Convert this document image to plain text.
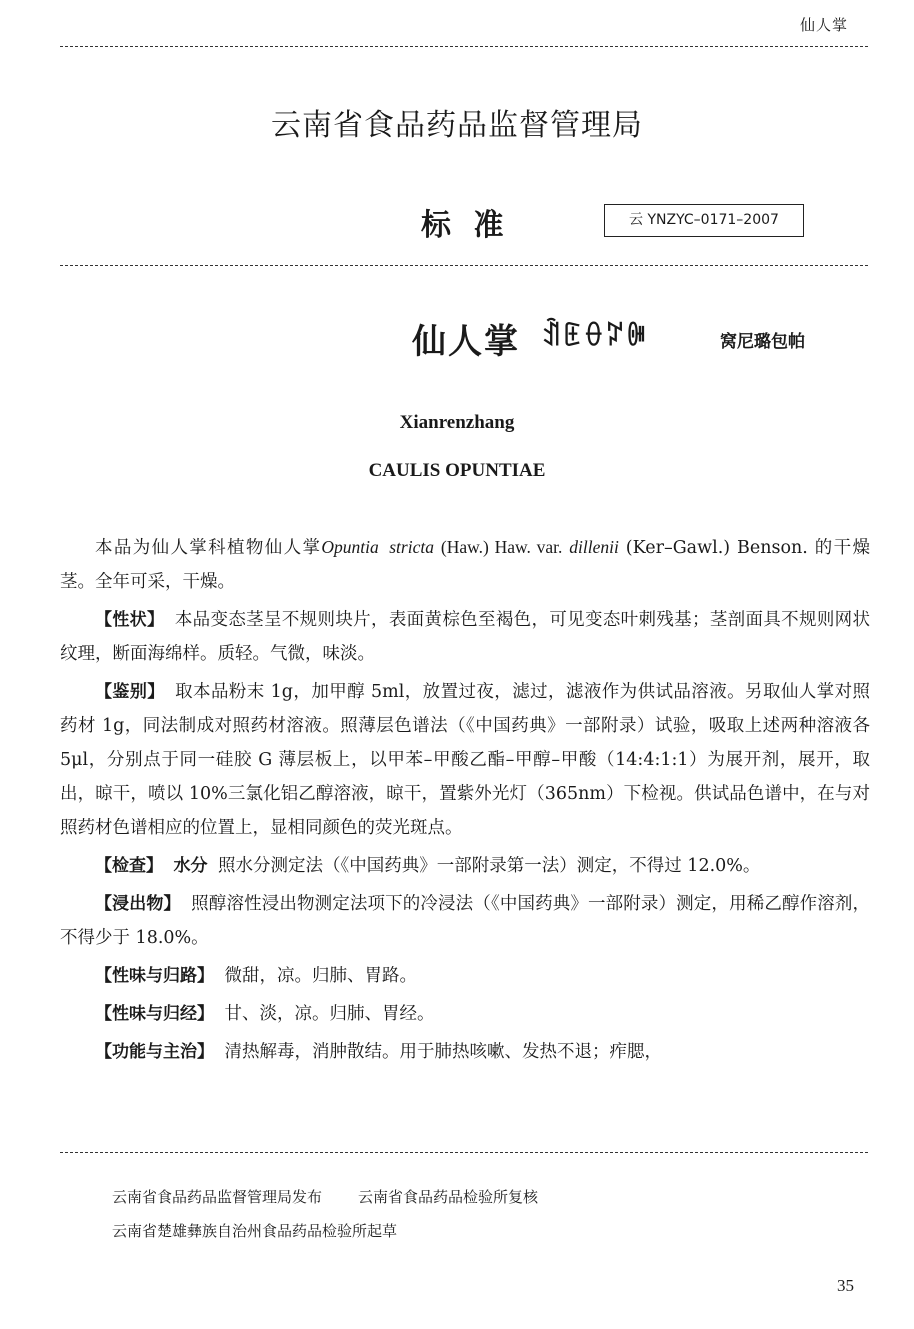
仙人掌
云南省食品药品监督管理局
标 准	云 YNZYC–0171–2007
仙人掌 ꀉꏹꂷꇗꁏ	窝尼璐包帕
Xianrenzhang
CAULIS OPUNTIAE

本品为仙人掌科植物仙人掌Opuntia stricta (Haw.) Haw. var. dillenii (Ker–Gawl.) Benson. 的干燥茎。全年可采，干燥。

【性状】 本品变态茎呈不规则块片，表面黄棕色至褐色，可见变态叶刺残基；茎剖面具不规则网状纹理，断面海绵样。质轻。气微，味淡。

【鉴别】 取本品粉末 1g，加甲醇 5ml，放置过夜，滤过，滤液作为供试品溶液。另取仙人掌对照药材 1g，同法制成对照药材溶液。照薄层色谱法（《中国药典》一部附录）试验，吸取上述两种溶液各 5μl，分别点于同一硅胶 G 薄层板上，以甲苯–甲酸乙酯–甲醇–甲酸（14:4:1:1）为展开剂，展开，取出，晾干，喷以 10%三氯化铝乙醇溶液，晾干，置紫外光灯（365nm）下检视。供试品色谱中，在与对照药材色谱相应的位置上，显相同颜色的荧光斑点。

【检查】 水分 照水分测定法（《中国药典》一部附录第一法）测定，不得过 12.0%。

【浸出物】 照醇溶性浸出物测定法项下的冷浸法（《中国药典》一部附录）测定，用稀乙醇作溶剂，不得少于 18.0%。

【性味与归路】 微甜，凉。归肺、胃路。

【性味与归经】 甘、淡，凉。归肺、胃经。

【功能与主治】 清热解毒，消肿散结。用于肺热咳嗽、发热不退；痄腮，

云南省食品药品监督管理局发布 云南省食品药品检验所复核
云南省楚雄彝族自治州食品药品检验所起草
35
